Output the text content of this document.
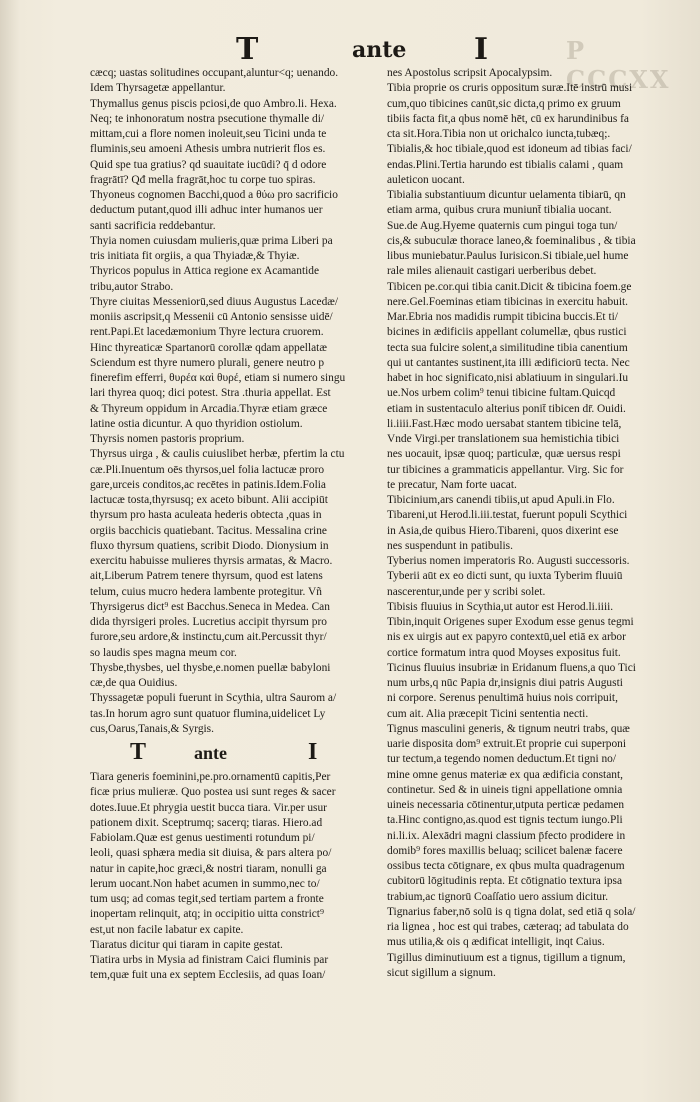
T	ante I	P CCCXX
cæcq; uastas solitudines occupant,aluntur<q; uenando.
Idem Thyrsagetæ appellantur.
Thymallus genus piscis pciosi,de quo Ambro.li. Hexa.
Neq; te inhonoratum nostra psecutione thymalle di/
mittam,cui a flore nomen inoleuit,seu Ticini unda te
fluminis,seu amoeni Athesis umbra nutrierit flos es.
Quid spe tua gratius? qd suauitate iucūdi? q̄ d odore
fragrātī? Qđ mella fragrāt,hoc tu corpe tuo spiras.
Thyoneus cognomen Bacchi,quod a θύω pro sacrificio
deductum putant,quod illi adhuc inter humanos uer
santi sacrificia reddebantur.
Thyia nomen cuiusdam mulieris,quæ prima Liberi pa
tris initiata fit orgiis, a qua Thyiadæ,& Thyiæ.
Thyricos populus in Attica regione ex Acamantide
tribu,autor Strabo.
Thyre ciuitas Messeniorū,sed diuus Augustus Lacedæ/
moniis ascripsit,q Messenii cū Antonio sensisse uidē/
rent.Papi.Et lacedæmonium Thyre lectura cruorem.
Hinc thyreaticæ Spartanorū corollæ qdam appellatæ
Sciendum est thyre numero plurali, genere neutro p
finerefim efferri, θυρέα καὶ θυρέ, etiam si numero singu
lari thyrea quoq; dici potest. Stra .thuria appellat. Est
& Thyreum oppidum in Arcadia.Thyræ etiam græce
latine ostia dicuntur. A quo thyridion ostiolum.
Thyrsis nomen pastoris proprium.
Thyrsus uirga , & caulis cuiuslibet herbæ, pfertim la ctu
cæ.Pli.Inuentum oēs thyrsos,uel folia lactucæ proro
gare,urceis conditos,ac recētes in patinis.Idem.Folia
lactucæ tosta,thyrsusq; ex aceto bibunt. Alii accipiūt
thyrsum pro hasta aculeata hederis obtecta ,quas in
orgiis bacchicis quatiebant. Tacitus. Messalina crine
fluxo thyrsum quatiens, scribit Diodo. Dionysium in
exercitu habuisse mulieres thyrsis armatas, & Macro.
ait,Liberum Patrem tenere thyrsum, quod est latens
telum, cuius mucro hedera lambente protegitur. Vñ
Thyrsigerus dict⁹ est Bacchus.Seneca in Medea. Can
dida thyrsigeri proles. Lucretius accipit thyrsum pro
furore,seu ardore,& instinctu,cum ait.Percussit thyr/
so laudis spes magna meum cor.
Thysbe,thysbes, uel thysbe,e.nomen puellæ babyloni
cæ,de qua Ouidius.
Thyssagetæ populi fuerunt in Scythia, ultra Saurom a/
tas.In horum agro sunt quatuor flumina,uidelicet Ly
cus,Oarus,Tanais,& Syrgis.
T	ante	I
Tiara generis foeminini,pe.pro.ornamentū capitis,Per
ficæ prius mulieræ. Quo postea usi sunt reges & sacer
dotes.Iuue.Et phrygia uestit bucca tiara. Vir.per usur
pationem dixit. Sceptrumq; sacerq; tiaras. Hiero.ad
Fabiolam.Quæ est genus uestimenti rotundum pi/
leoli, quasi sphæra media sit diuisa, & pars altera po/
natur in capite,hoc græci,& nostri tiaram, nonulli ga
lerum uocant.Non habet acumen in summo,nec to/
tum usq; ad comas tegit,sed tertiam partem a fronte
inopertam relinquit, atq; in occipitio uitta constrict⁹
est,ut non facile labatur ex capite.
Tiaratus dicitur qui tiaram in capite gestat.
Tiatira urbs in Mysia ad finistram Caici fluminis par
tem,quæ fuit una ex septem Ecclesiis, ad quas Ioan/
nes Apostolus scripsit Apocalypsim.
Tibia proprie os cruris oppositum suræ.Itē instrū musi
cum,quo tibicines canūt,sic dicta,q primo ex gruum
tibiis facta fit,a qbus nomē hēt, cū ex harundinibus fa
cta sit.Hora.Tibia non ut orichalco iuncta,tubæq;.
Tibialis,& hoc tibiale,quod est idoneum ad tibias faci/
endas.Plini.Tertia harundo est tibialis calami , quam
auleticon uocant.
Tibialia substantiuum dicuntur uelamenta tibiarū, qn
etiam arma, quibus crura muniunt̄ tibialia uocant.
Sue.de Aug.Hyeme quaternis cum pingui toga tun/
cis,& subuculæ thorace laneo,& foeminalibus , & tibia
libus muniebatur.Paulus Iurisicon.Si tibiale,uel hume
rale miles alienauit castigari uerberibus debet.
Tibicen pe.cor.qui tibia canit.Dicit & tibicina foem.ge
nere.Gel.Foeminas etiam tibicinas in exercitu habuit.
Mar.Ebria nos madidis rumpit tibicina buccis.Et ti/
bicines in ædificiis appellant columellæ, qbus rustici
tecta sua fulcire solent,a similitudine tibia canentium
qui ut cantantes sustinent,ita illi ædificiorū tecta. Nec
habet in hoc significato,nisi ablatiuum in singulari.Iu
ue.Nos urbem colim⁹ tenui tibicine fultam.Quicqd
etiam in sustentaculo alterius ponit̄ tibicen dr̄. Ouidi.
li.iiii.Fast.Hæc modo uersabat stantem tibicine telā,
Vnde Virgi.per translationem sua hemistichia tibici
nes uocauit, ipsæ quoq; particulæ, quæ uersus respi
tur tibicines a grammaticis appellantur. Virg. Sic for
te precatur, Nam forte uacat.
Tibicinium,ars canendi tibiis,ut apud Apuli.in Flo.
Tibareni,ut Herod.li.iii.testat, fuerunt populi Scythici
in Asia,de quibus Hiero.Tibareni, quos dixerint ese
nes suspendunt in patibulis.
Tyberius nomen imperatoris Ro. Augusti successoris.
Tyberii aūt ex eo dicti sunt, qu iuxta Tyberim fluuiū
nascerentur,unde per y scribi solet.
Tibisis fluuius in Scythia,ut autor est Herod.li.iiii.
Tibin,inquit Origenes super Exodum esse genus tegmi
nis ex uirgis aut ex papyro contextū,uel etiā ex arbor
cortice formatum intra quod Moyses expositus fuit.
Ticinus fluuius insubriæ in Eridanum fluens,a quo Tici
num urbs,q nūc Papia dr,insignis diui patris Augusti
ni corpore. Serenus penultimā huius nois corripuit,
cum ait. Alia præcepit Ticini sententia necti.
Tignus masculini generis, & tignum neutri trabs, quæ
uarie disposita dom⁹ extruit.Et proprie cui superponi
tur tectum,a tegendo nomen deductum.Et tigni no/
mine omne genus materiæ ex qua ædificia constant,
continetur. Sed & in uineis tigni appellatione omnia
uineis necessaria cōtinentur,utputa perticæ pedamen
ta.Hinc contigno,as.quod est tignis tectum iungo.Pli
ni.li.ix. Alexādri magni classium p̄fecto prodidere in
domib⁹ fores maxillis beluaq; scilicet balenæ facere
ossibus tecta cōtignare, ex qbus multa quadragenum
cubitorū lōgitudinis repta. Et cōtignatio textura ipsa
trabium,ac tignorū Coaſſatio uero assium dicitur.
Tignarius faber,nō solū is q tigna dolat, sed etiā q sola/
ria lignea , hoc est qui trabes, cæteraq; ad tabulata do
mus utilia,& ois q ædificat intelligit, inqt Caius.
Tigillus diminutiuum est a tignus, tigillum a tignum,
sicut sigillum a signum.
